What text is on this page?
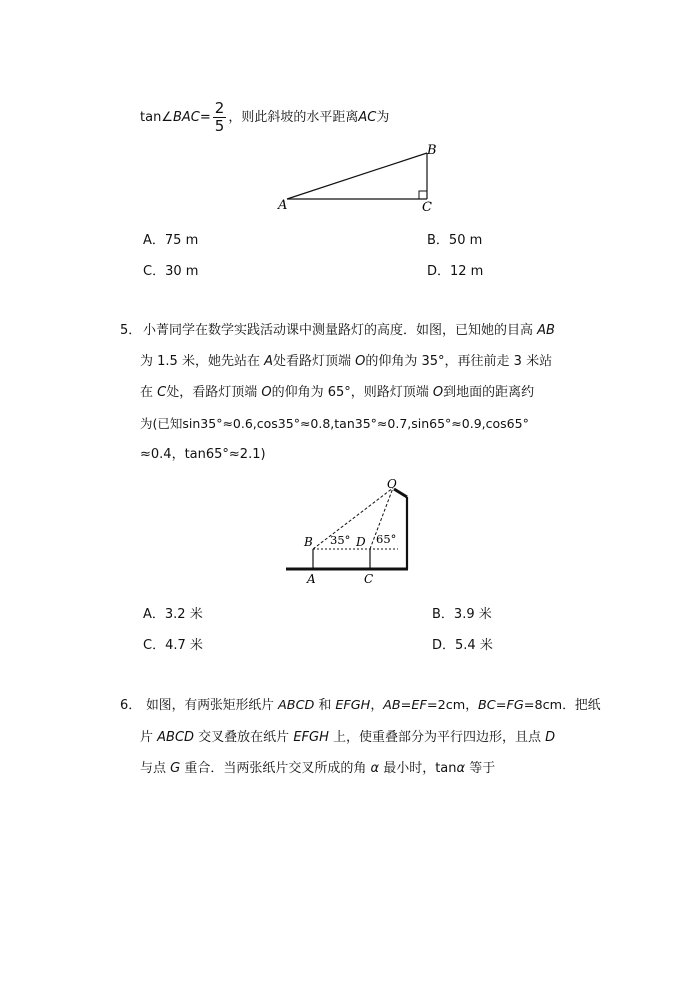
tan∠BAC= $\frac{2}{5}$ ，则此斜坡的水平距离AC为
A
B
C
A．75 m	B．50 m
C．30 m	D．12 m
5． 小菁同学在数学实践活动课中测量路灯的高度．如图，已知她的目高 AB
为 1.5 米，她先站在 A处看路灯顶端 O的仰角为 35°，再往前走 3 米站
在 C处，看路灯顶端 O的仰角为 65°，则路灯顶端 O到地面的距离约
为(已知sin35°≈0.6,cos35°≈0.8,tan35°≈0.7,sin65°≈0.9,cos65°
≈0.4，tan65°≈2.1)
O
B 35° D 65°
A	C
A．3.2 米	B．3.9 米
C．4.7 米	D．5.4 米
6． 如图，有两张矩形纸片 ABCD 和 EFGH，AB=EF=2cm，BC=FG=8cm．把纸
片 ABCD 交叉叠放在纸片 EFGH 上，使重叠部分为平行四边形，且点 D
与点 G 重合．当两张纸片交叉所成的角 α 最小时，tanα 等于
